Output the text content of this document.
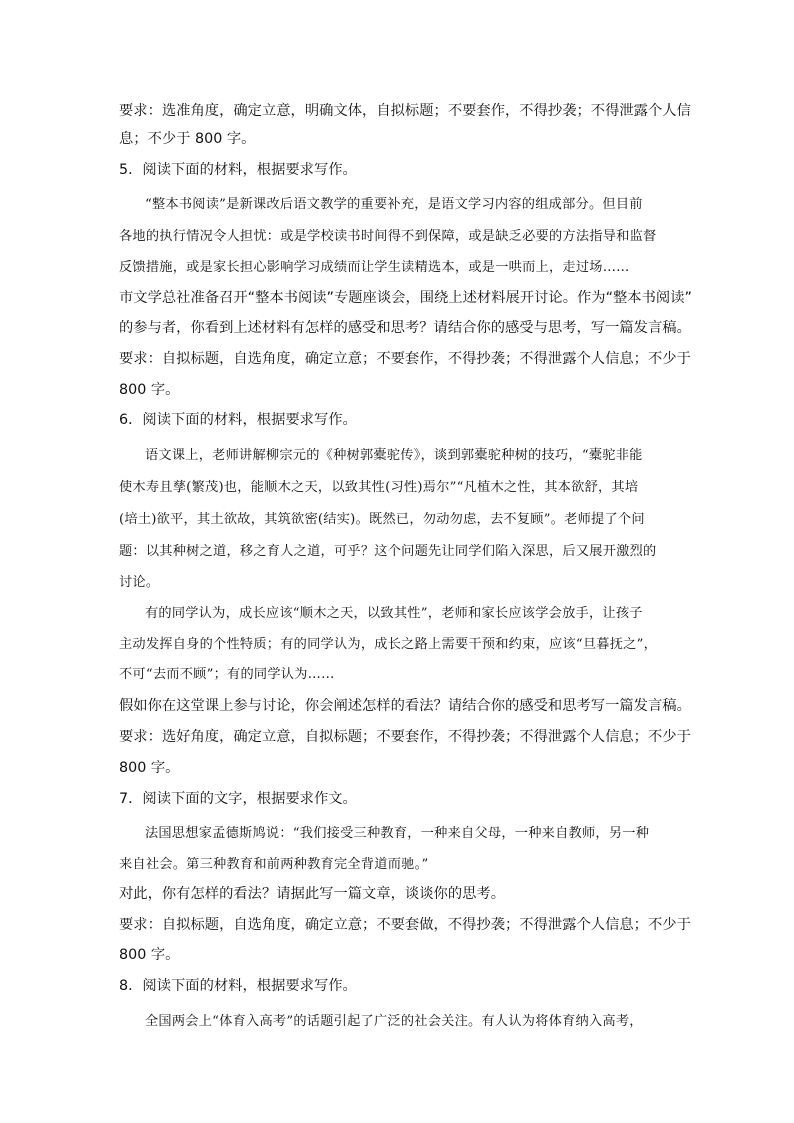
要求：选准角度，确定立意，明确文体，自拟标题；不要套作，不得抄袭；不得泄露个人信
息；不少于 800 字。
5．阅读下面的材料，根据要求写作。
“整本书阅读”是新课改后语文教学的重要补充，是语文学习内容的组成部分。但目前
各地的执行情况令人担忧：或是学校读书时间得不到保障，或是缺乏必要的方法指导和监督
反馈措施，或是家长担心影响学习成绩而让学生读精选本，或是一哄而上，走过场……
市文学总社准备召开“整本书阅读”专题座谈会，围绕上述材料展开讨论。作为“整本书阅读”
的参与者，你看到上述材料有怎样的感受和思考？请结合你的感受与思考，写一篇发言稿。
要求：自拟标题，自选角度，确定立意；不要套作，不得抄袭；不得泄露个人信息；不少于
800 字。
6．阅读下面的材料，根据要求写作。
语文课上，老师讲解柳宗元的《种树郭橐驼传》，谈到郭橐驼种树的技巧，“橐驼非能
使木寿且孳(繁茂)也，能顺木之天，以致其性(习性)焉尔”“凡植木之性，其本欲舒，其培
(培土)欲平，其土欲故，其筑欲密(结实)。既然已，勿动勿虑，去不复顾”。老师提了个问
题：以其种树之道，移之育人之道，可乎？这个问题先让同学们陷入深思，后又展开激烈的
讨论。
有的同学认为，成长应该“顺木之天，以致其性”，老师和家长应该学会放手，让孩子
主动发挥自身的个性特质；有的同学认为，成长之路上需要干预和约束，应该“旦暮抚之”，
不可“去而不顾”；有的同学认为……
假如你在这堂课上参与讨论，你会阐述怎样的看法？请结合你的感受和思考写一篇发言稿。
要求：选好角度，确定立意，自拟标题；不要套作，不得抄袭；不得泄露个人信息；不少于
800 字。
7．阅读下面的文字，根据要求作文。
法国思想家孟德斯鸠说：“我们接受三种教育，一种来自父母，一种来自教师，另一种
来自社会。第三种教育和前两种教育完全背道而驰。”
对此，你有怎样的看法？请据此写一篇文章，谈谈你的思考。
要求：自拟标题，自选角度，确定立意；不要套做，不得抄袭；不得泄露个人信息；不少于
800 字。
8．阅读下面的材料，根据要求写作。
全国两会上“体育入高考”的话题引起了广泛的社会关注。有人认为将体育纳入高考，
